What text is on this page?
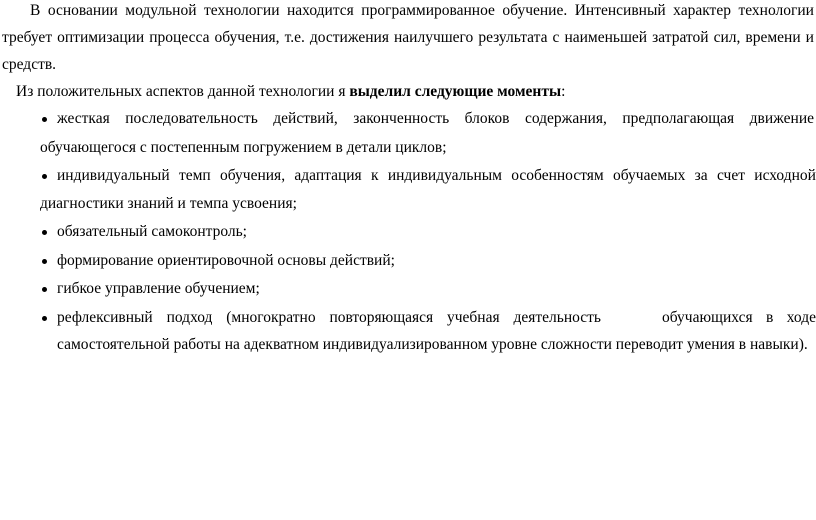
В основании модульной технологии находится программированное обучение. Интенсивный характер технологии
требует оптимизации процесса обучения, т.е. достижения наилучшего результата с наименьшей затратой сил, времени и
средств.
Из положительных аспектов данной технологии я выделил следующие моменты:
жесткая последовательность действий, законченность блоков содержания, предполагающая движение
обучающегося с постепенным погружением в детали циклов;
индивидуальный темп обучения, адаптация к индивидуальным особенностям обучаемых за счет исходной
диагностики знаний и темпа усвоения;
обязательный самоконтроль;
формирование ориентировочной основы действий;
гибкое управление обучением;
рефлексивный подход (многократно повторяющаяся учебная деятельность	обучающихся в ходе
самостоятельной работы на адекватном индивидуализированном уровне сложности переводит умения в навыки).
